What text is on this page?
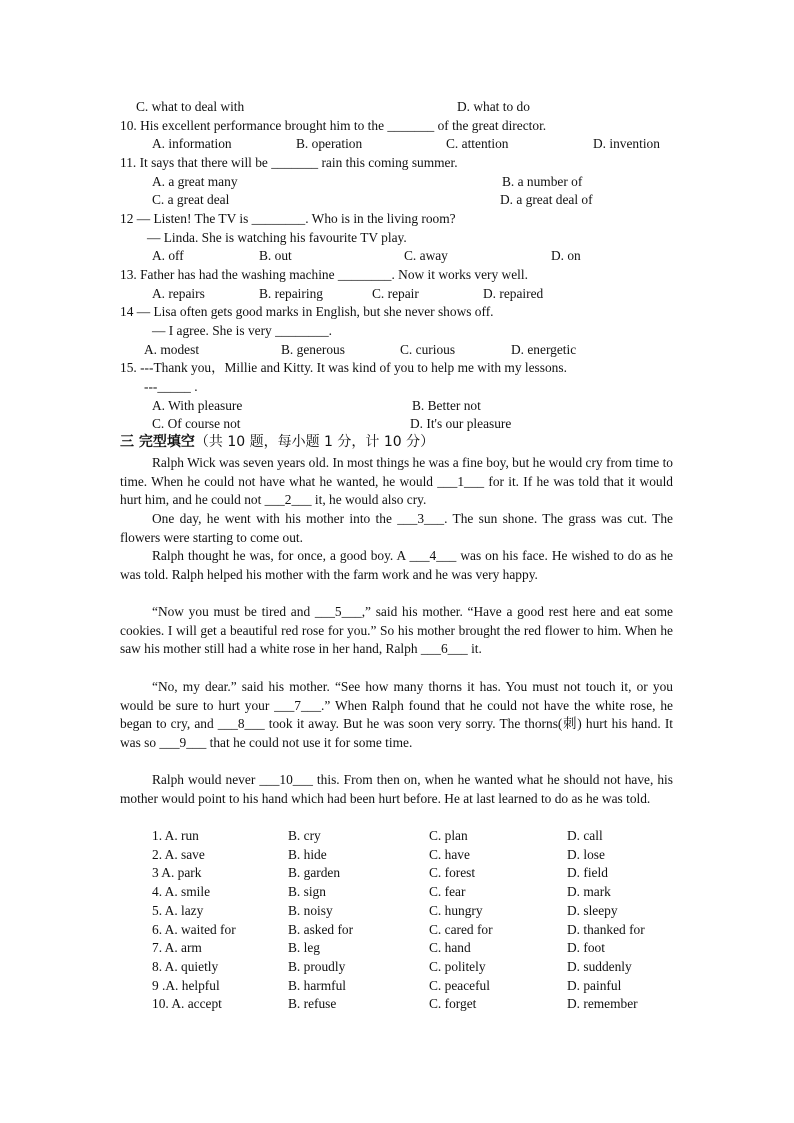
C. what to deal with	D. what to do
10. His excellent performance brought him to the _______ of the great director.
A. information	B. operation	C. attention	D. invention
11. It says that there will be _______ rain this coming summer.
A. a great many	B. a number of
C. a great deal	D. a great deal of
12 — Listen! The TV is ________. Who is in the living room?
— Linda. She is watching his favourite TV play.
A. off	B. out	C. away	D. on
13. Father has had the washing machine ________. Now it works very well.
A. repairs	B. repairing	C. repair	D. repaired
14 — Lisa often gets good marks in English, but she never shows off.
— I agree. She is very ________.
A. modest	B. generous	C. curious	D. energetic
15. ---Thank you，Millie and Kitty. It was kind of you to help me with my lessons.
---_____ .
A. With pleasure	B. Better not
C. Of course not	D. It's our pleasure
三 完型填空（共 10 题，每小题 1 分，计 10 分）
Ralph Wick was seven years old. In most things he was a fine boy, but he would cry from time to time. When he could not have what he wanted, he would ___1___ for it. If he was told that it would hurt him, and he could not ___2___ it, he would also cry.
One day, he went with his mother into the ___3___. The sun shone. The grass was cut. The flowers were starting to come out.
Ralph thought he was, for once, a good boy. A ___4___ was on his face. He wished to do as he was told. Ralph helped his mother with the farm work and he was very happy.
“Now you must be tired and ___5___,” said his mother. “Have a good rest here and eat some cookies. I will get a beautiful red rose for you.” So his mother brought the red flower to him. When he saw his mother still had a white rose in her hand, Ralph ___6___ it.
“No, my dear.” said his mother. “See how many thorns it has. You must not touch it, or you would be sure to hurt your ___7___.” When Ralph found that he could not have the white rose, he began to cry, and ___8___ took it away. But he was soon very sorry. The thorns(刺) hurt his hand. It was so ___9___ that he could not use it for some time.
Ralph would never ___10___ this. From then on, when he wanted what he should not have, his mother would point to his hand which had been hurt before. He at last learned to do as he was told.
1. A. run	B. cry	C. plan	D. call
2. A. save	B. hide	C. have	D. lose
3 A. park	B. garden	C. forest	D. field
4. A. smile	B. sign	C. fear	D. mark
5. A. lazy	B. noisy	C. hungry	D. sleepy
6. A. waited for	B. asked for	C. cared for	D. thanked for
7. A. arm	B. leg	C. hand	D. foot
8. A. quietly	B. proudly	C. politely	D. suddenly
9 .A. helpful	B. harmful	C. peaceful	D. painful
10. A. accept	B. refuse	C. forget	D. remember
